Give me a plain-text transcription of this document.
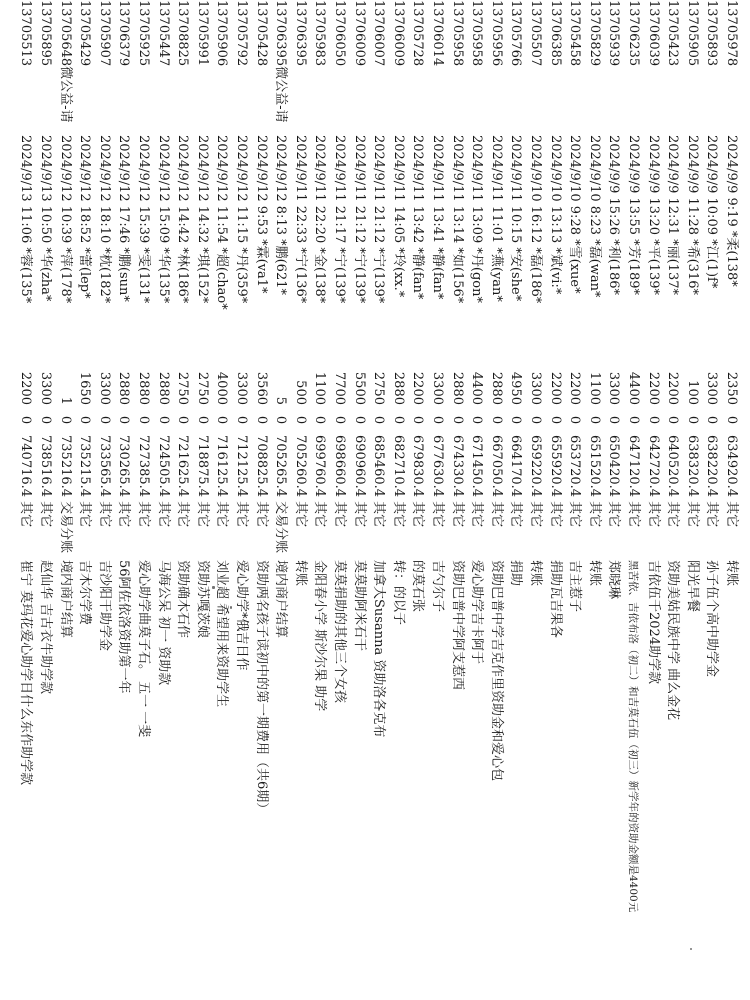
13705978
2024/9/9 9:19 *柔(138*
2350
0
634920.4 其它
转账
13705893
2024/9/9 10:09 *江(1)f*
3300
0
638220.4 其它
孙子伍个高中助学金
13705905
2024/9/9 11:28 *希(316*
100
0
638320.4 其它
阳光早餐
13705423
2024/9/9 12:31 *丽(137*
2200
0
640520.4 其它
资助美姑民族中学 曲么金花
13706039
2024/9/9 13:20 *平(139*
2200
0
642720.4 其它
吉依伍千2024助学款
13706235
2024/9/9 13:55 *芳(189*
4400
0
647120.4 其它
黑苦依、吉依布洛（初二）和吉莫石伍（初三）新学年的资助金额是4400元
13705939
2024/9/9 15:26 *利(186*
3300
0
650420.4 其它
郑晓琳
13705829
2024/9/10 8:23 *磊(wan*
1100
0
651520.4 其它
转账
13705458
2024/9/10 9:28 *雪(xue*
2200
0
653720.4 其它
吉主惹子
13706385
2024/9/10 13:13 *斌(vi:*
2200
0
655920.4 其它
捐助瓦吉果各
13705507
2024/9/10 16:12 *磊(186*
3300
0
659220.4 其它
转账
13705766
2024/9/11 10:15 *安(she*
4950
0
664170.4 其它
捐助
13705956
2024/9/11 11:01 *燕(yan*
2880
0
667050.4 其它
资助巴普中学吉克作里资助金和爱心包
13705958
2024/9/11 13:09 *丹(gon*
4400
0
671450.4 其它
爱心助学吉卡阿于
13705958
2024/9/11 13:14 *如(156*
2880
0
674330.4 其它
资助巴普中学阿支惹西
13706014
2024/9/11 13:41 *静(fan*
3300
0
677630.4 其它
吉勺尔子
13705728
2024/9/11 13:42 *静(fan*
2200
0
679830.4 其它
的莫石张
13706009
2024/9/11 14:05 *玲(xx.*
2880
0
682710.4 其它
转：的以子
13706007
2024/9/11 21:12 *宁(139*
2750
0
685460.4 其它
加拿大Susanna 资助洛各克布
13706009
2024/9/11 21:12 *宁(139*
5500
0
690960.4 其它
莫莫助阿米石干
13706050
2024/9/11 21:17 *宁(139*
7700
0
698660.4 其它
莫莫捐助的其他三个女孩
13705983
2024/9/11 22:20 *金(138*
1100
0
699760.4 其它
金阳春小学 斯沙尔果 助学
13706395
2024/9/11 22:33 *宁(136*
500
0
705260.4 其它
转账
13706395微公益-请
2024/9/12 8:13 *鹏(621*
5
0
705265.4 交易分账
境内商户结算
13705428
2024/9/12 9:53 *霖(va1*
3560
0
708825.4 其它
资助两名孩子读初中的第一期费用（共6期）
13705792
2024/9/12 11:15 *丹(359*
3300
0
712125.4 其它
爱心助学*俄吉日作
13705906
2024/9/12 11:54 *超(chao*
4000
0
716125.4 其它
刘业超 希望用来资助学生
13705991
2024/9/12 14:32 *琪(152*
2750
0
718875.4 其它
资助苏嘎茨娘
13708825
2024/9/12 14:42 *林(186*
2750
0
721625.4 其它
资助确木石作
13705447
2024/9/12 15:09 *华(135*
2880
0
724505.4 其它
马海公呆 初一 资助款
13705925
2024/9/12 15:39 *雯(131*
2880
0
727385.4 其它
爱心助学曲莫子石。 五一 一斐
13706379
2024/9/12 17:46 *鹏(sun*
2880
0
730265.4 其它
56阿佐依洛资助第一年
13705907
2024/9/12 18:10 *枕(182*
3300
0
733565.4 其它
吉沙阳干助学金
13705429
2024/9/12 18:52 *蕾(lep*
1650
0
735215.4 其它
吉木尔学费
13705648微公益-请
2024/9/12 10:39 *萍(178*
1
0
735216.4 交易分账
境内商户结算
13705895
2024/9/13 10:50 *华(zha*
3300
0
738516.4 其它
赵仙华 吉古衣牛助学款
13705513
2024/9/13 11:06 *蓉(135*
2200
0
740716.4 其它
崔宁 莫玛花爱心助学日什么东作助学款
